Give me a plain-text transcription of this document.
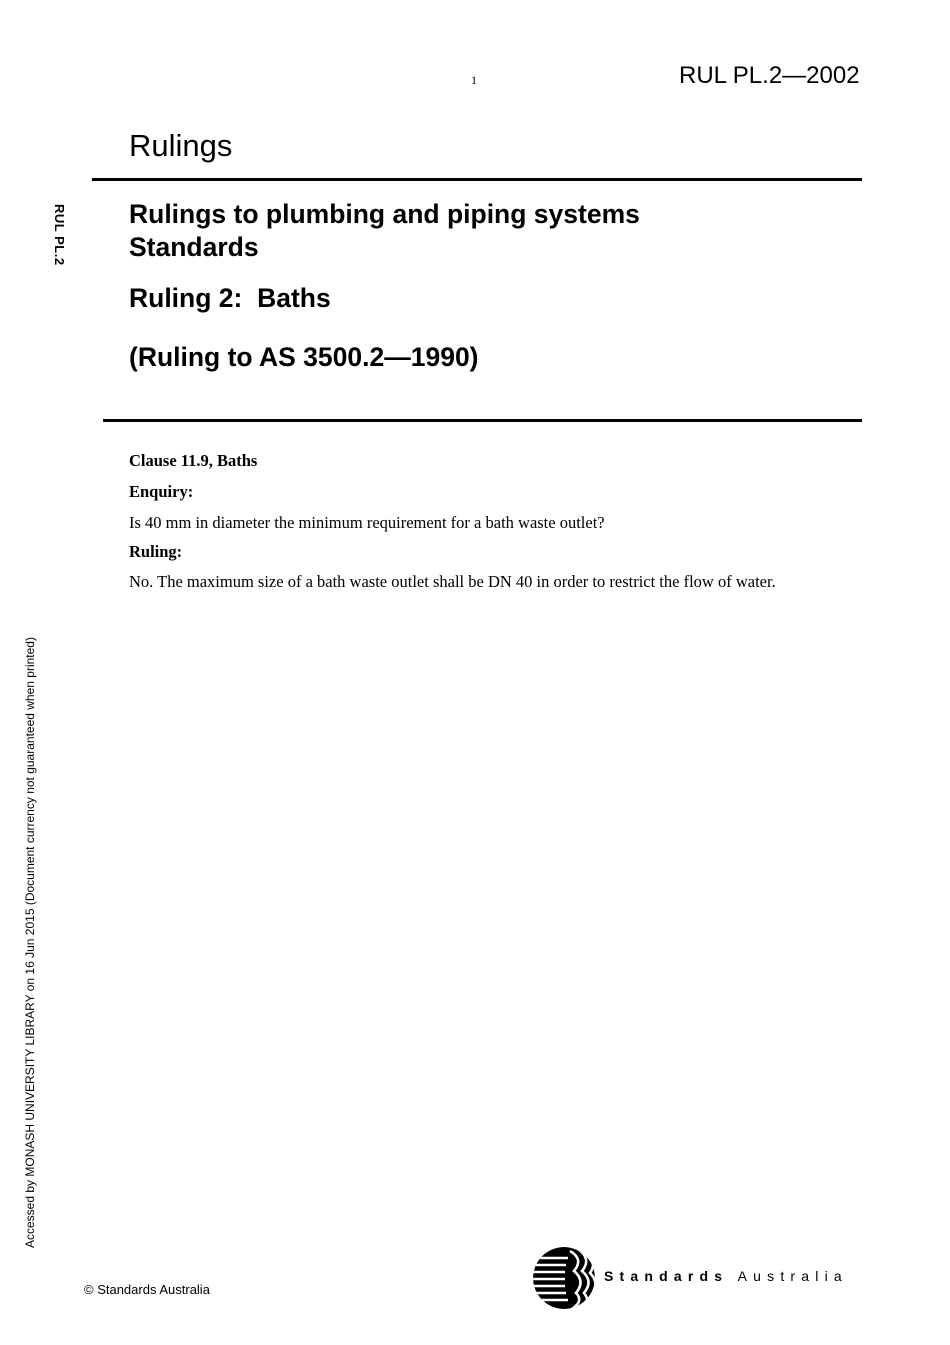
1	RUL PL.2—2002
Rulings
RUL PL.2
Accessed by MONASH UNIVERSITY LIBRARY on 16 Jun 2015 (Document currency not guaranteed when printed)
Rulings to plumbing and piping systems
Standards
Ruling 2:  Baths
(Ruling to AS 3500.2—1990)
Clause 11.9, Baths
Enquiry:
Is 40 mm in diameter the minimum requirement for a bath waste outlet?
Ruling:
No. The maximum size of a bath waste outlet shall be DN 40 in order to restrict the flow of water.
© Standards Australia
Standards Australia
